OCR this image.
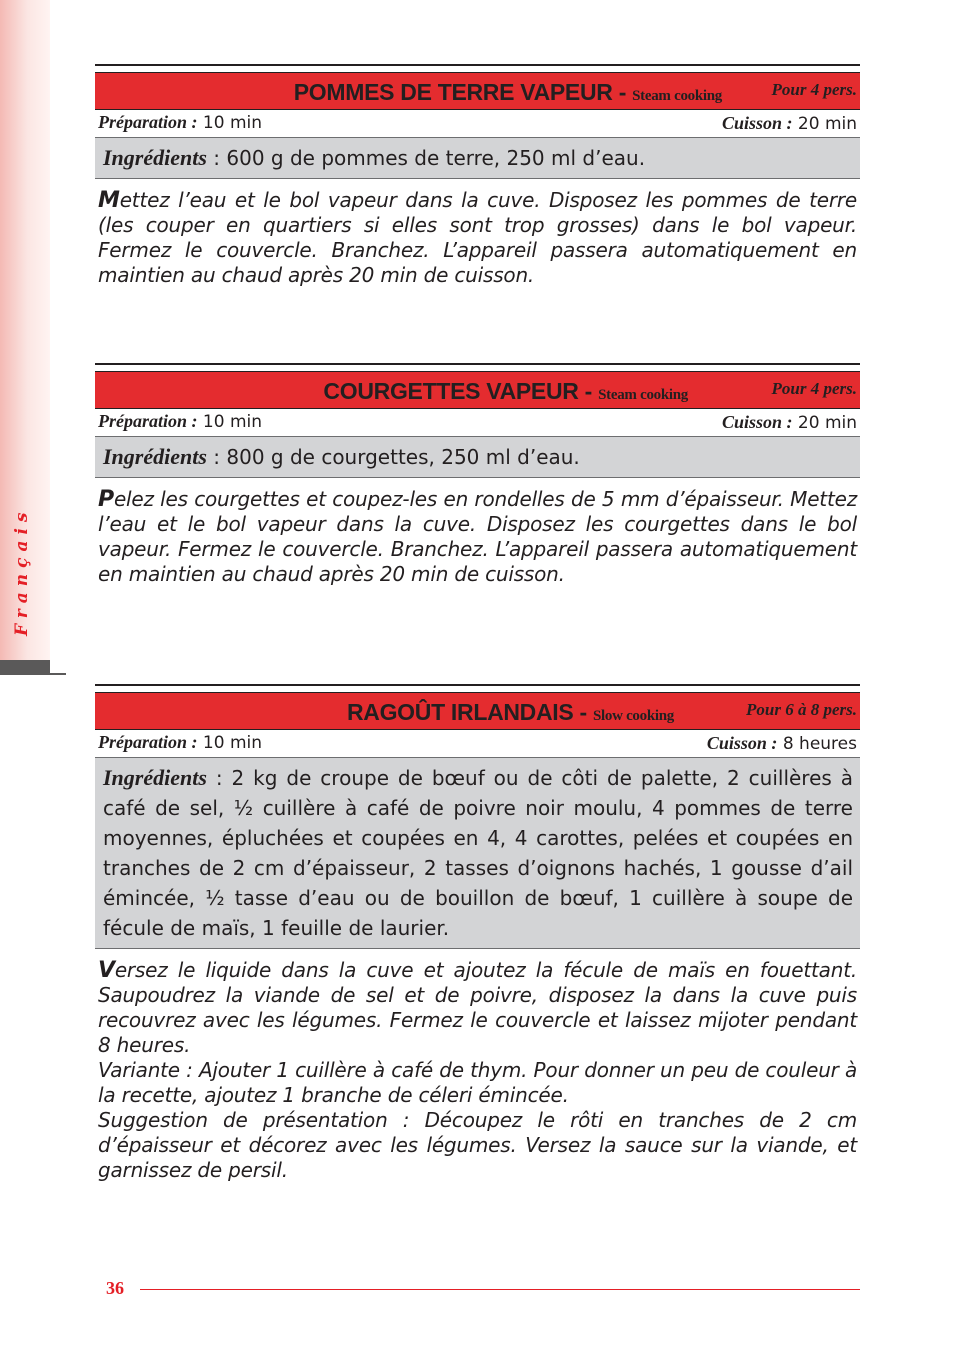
Français
POMMES DE TERRE VAPEUR - Steam cooking	Pour 4 pers.
Préparation : 10 min	Cuisson : 20 min
Ingrédients : 600 g de pommes de terre, 250 ml d’eau.

Mettez l’eau et le bol vapeur dans la cuve. Disposez les pommes de terre (les couper en quartiers si elles sont trop grosses) dans le bol vapeur. Fermez le couvercle. Branchez. L’appareil passera automatiquement en maintien au chaud après 20 min de cuisson.

COURGETTES VAPEUR - Steam cooking	Pour 4 pers.
Préparation : 10 min	Cuisson : 20 min
Ingrédients : 800 g de courgettes, 250 ml d’eau.

Pelez les courgettes et coupez-les en rondelles de 5 mm d’épaisseur. Mettez l’eau et le bol vapeur dans la cuve. Disposez les courgettes dans le bol vapeur. Fermez le couvercle. Branchez. L’appareil passera automatiquement en maintien au chaud après 20 min de cuisson.

RAGOÛT IRLANDAIS - Slow cooking	Pour 6 à 8 pers.
Préparation : 10 min	Cuisson : 8 heures
Ingrédients : 2 kg de croupe de bœuf ou de côti de palette, 2 cuillères à café de sel, ½ cuillère à café de poivre noir moulu, 4 pommes de terre moyennes, épluchées et coupées en 4, 4 carottes, pelées et coupées en tranches de 2 cm d’épaisseur, 2 tasses d’oignons hachés, 1 gousse d’ail émincée, ½ tasse d’eau ou de bouillon de bœuf, 1 cuillère à soupe de fécule de maïs, 1 feuille de laurier.

Versez le liquide dans la cuve et ajoutez la fécule de maïs en fouettant. Saupoudrez la viande de sel et de poivre, disposez la dans la cuve puis recouvrez avec les légumes. Fermez le couvercle et laissez mijoter pendant 8 heures.

Variante : Ajouter 1 cuillère à café de thym. Pour donner un peu de couleur à la recette, ajoutez 1 branche de céleri émincée.

Suggestion de présentation : Découpez le rôti en tranches de 2 cm d’épaisseur et décorez avec les légumes. Versez la sauce sur la viande, et garnissez de persil.

36
